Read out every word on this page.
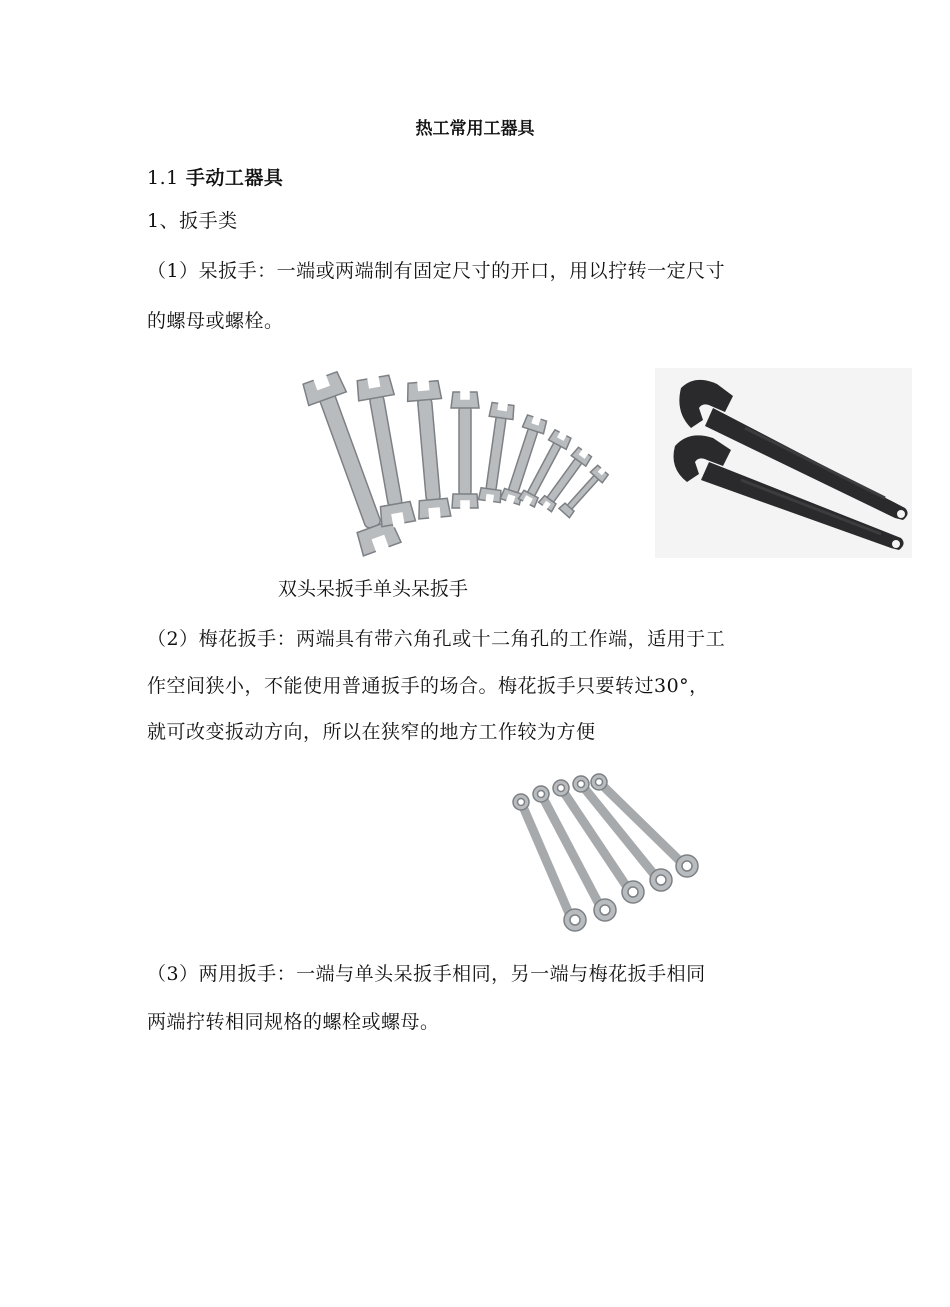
热工常用工器具
1.1 手动工器具
1、扳手类
（1）呆扳手：一端或两端制有固定尺寸的开口，用以拧转一定尺寸
的螺母或螺栓。
双头呆扳手单头呆扳手
（2）梅花扳手：两端具有带六角孔或十二角孔的工作端，适用于工
作空间狭小，不能使用普通扳手的场合。梅花扳手只要转过30°，
就可改变扳动方向，所以在狭窄的地方工作较为方便
（3）两用扳手：一端与单头呆扳手相同，另一端与梅花扳手相同
两端拧转相同规格的螺栓或螺母。
